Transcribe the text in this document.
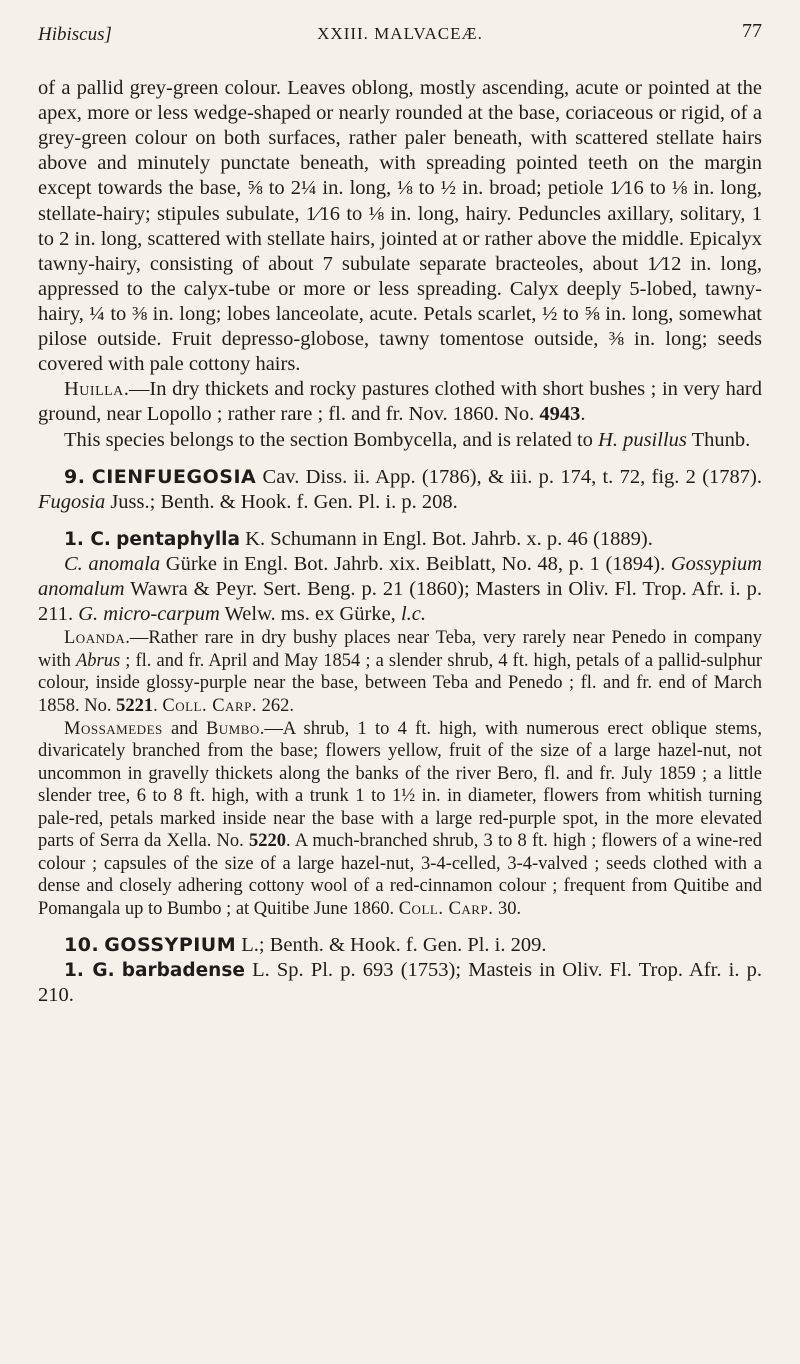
Hibiscus]	XXIII. MALVACEÆ.	77

of a pallid grey-green colour. Leaves oblong, mostly ascending, acute or pointed at the apex, more or less wedge-shaped or nearly rounded at the base, coriaceous or rigid, of a grey-green colour on both surfaces, rather paler beneath, with scattered stellate hairs above and minutely punctate beneath, with spreading pointed teeth on the margin except towards the base, ⅝ to 2¼ in. long, ⅛ to ½ in. broad; petiole 1⁄16 to ⅛ in. long, stellate-hairy; stipules subulate, 1⁄16 to ⅛ in. long, hairy. Peduncles axillary, solitary, 1 to 2 in. long, scattered with stellate hairs, jointed at or rather above the middle. Epicalyx tawny-hairy, consisting of about 7 subulate separate bracteoles, about 1⁄12 in. long, appressed to the calyx-tube or more or less spreading. Calyx deeply 5-lobed, tawny-hairy, ¼ to ⅜ in. long; lobes lanceolate, acute. Petals scarlet, ½ to ⅝ in. long, somewhat pilose outside. Fruit depresso-globose, tawny tomentose outside, ⅜ in. long; seeds covered with pale cottony hairs.

Huilla.—In dry thickets and rocky pastures clothed with short bushes ; in very hard ground, near Lopollo ; rather rare ; fl. and fr. Nov. 1860. No. 4943.

This species belongs to the section Bombycella, and is related to H. pusillus Thunb.

9. CIENFUEGOSIA Cav. Diss. ii. App. (1786), & iii. p. 174, t. 72, fig. 2 (1787). Fugosia Juss.; Benth. & Hook. f. Gen. Pl. i. p. 208.

1. C. pentaphylla K. Schumann in Engl. Bot. Jahrb. x. p. 46 (1889).

C. anomala Gürke in Engl. Bot. Jahrb. xix. Beiblatt, No. 48, p. 1 (1894). Gossypium anomalum Wawra & Peyr. Sert. Beng. p. 21 (1860); Masters in Oliv. Fl. Trop. Afr. i. p. 211. G. micro-carpum Welw. ms. ex Gürke, l.c.

Loanda.—Rather rare in dry bushy places near Teba, very rarely near Penedo in company with Abrus ; fl. and fr. April and May 1854 ; a slender shrub, 4 ft. high, petals of a pallid-sulphur colour, inside glossy-purple near the base, between Teba and Penedo ; fl. and fr. end of March 1858. No. 5221. Coll. Carp. 262.

Mossamedes and Bumbo.—A shrub, 1 to 4 ft. high, with numerous erect oblique stems, divaricately branched from the base; flowers yellow, fruit of the size of a large hazel-nut, not uncommon in gravelly thickets along the banks of the river Bero, fl. and fr. July 1859 ; a little slender tree, 6 to 8 ft. high, with a trunk 1 to 1½ in. in diameter, flowers from whitish turning pale-red, petals marked inside near the base with a large red-purple spot, in the more elevated parts of Serra da Xella. No. 5220. A much-branched shrub, 3 to 8 ft. high ; flowers of a wine-red colour ; capsules of the size of a large hazel-nut, 3-4-celled, 3-4-valved ; seeds clothed with a dense and closely adhering cottony wool of a red-cinnamon colour ; frequent from Quitibe and Pomangala up to Bumbo ; at Quitibe June 1860. Coll. Carp. 30.

10. GOSSYPIUM L.; Benth. & Hook. f. Gen. Pl. i. 209.

1. G. barbadense L. Sp. Pl. p. 693 (1753); Masteis in Oliv. Fl. Trop. Afr. i. p. 210.
